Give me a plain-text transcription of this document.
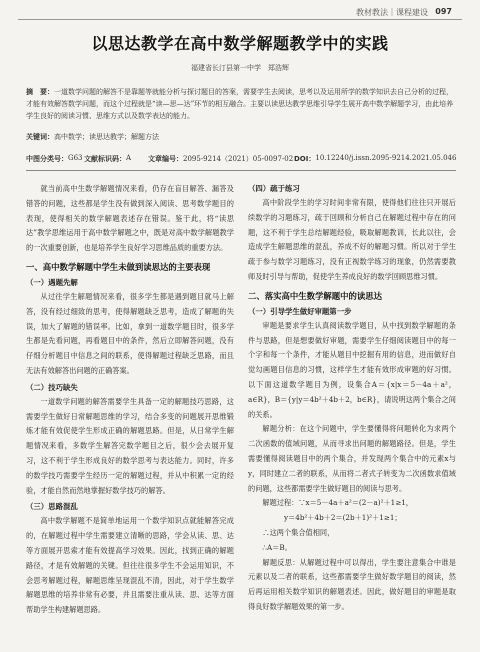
教材教法｜课程建设 097
以思达教学在高中数学解题教学中的实践
福建省长汀县第一中学　郑浩辉
摘　要：一道数学问题的解答不是靠题等就能分析与探讨题目的答案，需要学生去阅读，思考以及运用所学的数学知识去自己分析的过程，才能有效解答数学问题，而这个过程就是“读—思—达”环节的相互融合。主要以读思达教学思维引导学生展开高中数学解题学习，由此培养学生良好的阅读习惯、思维方式以及数学表达的能力。
关键词：高中数学；读思达教学；解题方法
中图分类号： G63 文献标识码： A 文章编号： 2095-9214（2021）05-0097-02 DOI： 10.12240/j.issn.2095-9214.2021.05.046

就当前高中生数学解题情况来看，仍存在盲目解答、漏答及错答的问题，这些都是学生没有做到深入阅读、思考数学题目的表现，使得相关的数学解题表述存在错误。鉴于此，将“读思达”教学思维运用于高中数学解题之中，既是对高中数学解题教学的一次重要创新，也是培养学生良好学习思维品质的重要方法。

一、高中数学解题中学生未做到读思达的主要表现
（一）遇题先解

从过往学生解题情况来看，很多学生都是遇到题目就马上解答，没有经过细致的思考，使得解题缺乏思考，造成了解题的失误，加大了解题的错误率。比如，拿到一道数学题目时，很多学生都是先看问题，再看题目中的条件，然后立即解答问题，没有仔细分析题目中信息之间的联系，使得解题过程缺乏思路，而且无法有效解答出问题的正确答案。

（二）技巧缺失

一道数学问题的解答需要学生具备一定的解题技巧思路，这需要学生做好日常解题思维的学习，结合多变的问题展开思维锻炼才能有效促使学生形成正确的解题思路。但是，从日常学生解题情况来看，多数学生解答完数学题目之后，很少会去展开复习，这不利于学生形成良好的数学思考与表达能力。同时，许多的数学技巧需要学生经历一定的解题过程，并从中积累一定的经验，才能自然而然地掌握好数学技巧的解答。

（三）思路混乱

高中数学解题不是简单地运用一个数学知识点就能解答完成的，在解题过程中学生需要建立清晰的思路，学会从读、思、达等方面展开思索才能有效提高学习效果。因此，找到正确的解题路径，才是有效解题的关键。但往往很多学生不会运用知识，不会思考解题过程，解题思维呈现混乱不清，因此，对于学生数学解题思维的培养非常有必要，并且需要注重从读、思、达等方面帮助学生构建解题思路。

（四）疏于练习

高中阶段学生的学习时间非常有限，使得他们往往只开展后续数学的习题练习，疏于回顾和分析自己在解题过程中存在的问题，这不利于学生总结解题经验，吸取解题教训，长此以往，会造成学生解题思维的混乱，养成不好的解题习惯。所以对于学生疏于参与数学习题练习，没有正视数学练习的现象，仍然需要教师及时引导与帮助，促使学生养成良好的数学回顾思维习惯。

二、落实高中生数学解题中的读思达
（一）引导学生做好审题第一步

审题是要求学生认真阅读数学题目，从中找到数学解题的条件与思路，但是想要做好审题，需要学生仔细阅读题目中的每一个字和每一个条件，才能从题目中挖掘有用的信息，进而做好自觉勾画题目信息的习惯，这样学生才能有效形成审题的好习惯。以下面这道数学题目为例，设集合A＝{x|x＝5－4a＋a²，a∈R}，B＝{y|y＝4b²＋4b＋2，b∈R}，请说明这两个集合之间的关系。

解题分析：在这个问题中，学生要懂得将问题转化为求两个二次函数的值域问题，从而寻求出问题的解题路径。但是，学生需要懂得阅读题目中的两个集合，并发现两个集合中的元素x与y，同时建立二者的联系，从而将二者式子转变为二次函数求值域的问题，这些都需要学生做好题目的阅读与思考。

解题过程：∵x＝5－4a＋a²＝(2－a)²＋1≥1，

y＝4b²＋4b＋2＝(2b＋1)²＋1≥1；

∴这两个集合值相同，

∴A＝B。

解题反思：从解题过程中可以得出，学生要注意集合中谁是元素以及二者的联系，这些都需要学生做好数学题目的阅读，然后再运用相关数学知识的解题表述。因此，做好题目的审题是取得良好数学解题效果的第一步。
